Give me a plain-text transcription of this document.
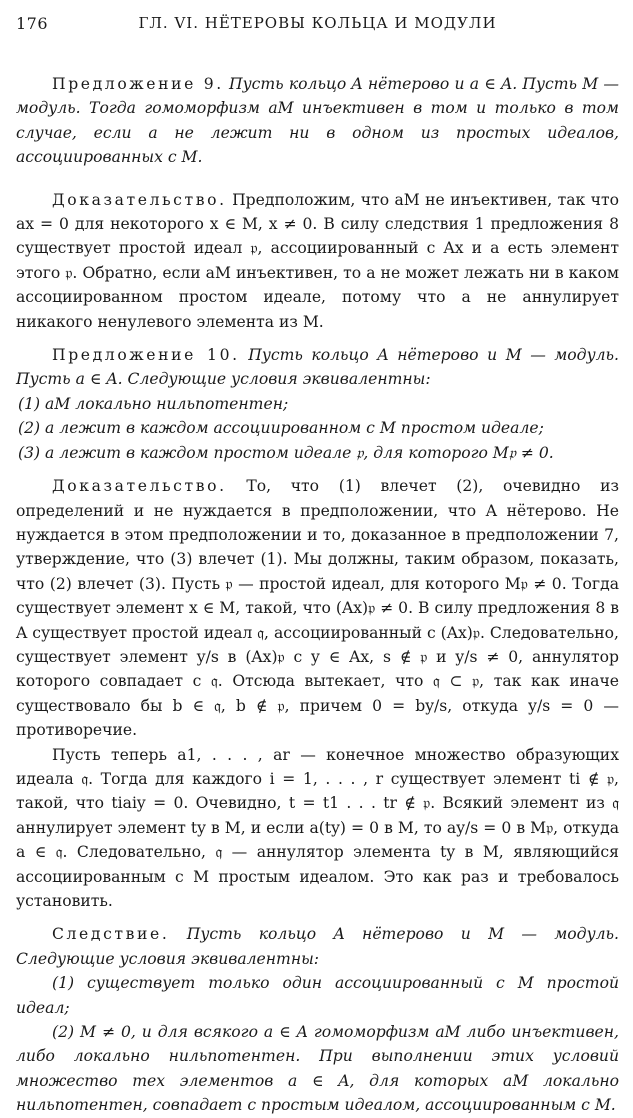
176	ГЛ. VI. НЁТЕРОВЫ КОЛЬЦА И МОДУЛИ

Предложение 9. Пусть кольцо A нётерово и a ∈ A. Пусть M — модуль. Тогда гомоморфизм aM инъективен в том и только в том случае, если a не лежит ни в одном из простых идеалов, ассоциированных с M.

Доказательство. Предположим, что aM не инъективен, так что ax = 0 для некоторого x ∈ M, x ≠ 0. В силу следствия 1 предложения 8 существует простой идеал 𝔭, ассоциированный с Ax и a есть элемент этого 𝔭. Обратно, если aM инъективен, то a не может лежать ни в каком ассоциированном простом идеале, потому что a не аннулирует никакого ненулевого элемента из M.

Предложение 10. Пусть кольцо A нётерово и M — модуль. Пусть a ∈ A. Следующие условия эквивалентны:

(1) aM локально нильпотентен;

(2) a лежит в каждом ассоциированном с M простом идеале;

(3) a лежит в каждом простом идеале 𝔭, для которого M𝔭 ≠ 0.

Доказательство. То, что (1) влечет (2), очевидно из определений и не нуждается в предположении, что A нётерово. Не нуждается в этом предположении и то, доказанное в предположении 7, утверждение, что (3) влечет (1). Мы должны, таким образом, показать, что (2) влечет (3). Пусть 𝔭 — простой идеал, для которого M𝔭 ≠ 0. Тогда существует элемент x ∈ M, такой, что (Ax)𝔭 ≠ 0. В силу предложения 8 в A существует простой идеал 𝔮, ассоциированный с (Ax)𝔭. Следовательно, существует элемент y/s в (Ax)𝔭 с y ∈ Ax, s ∉ 𝔭 и y/s ≠ 0, аннулятор которого совпадает с 𝔮. Отсюда вытекает, что 𝔮 ⊂ 𝔭, так как иначе существовало бы b ∈ 𝔮, b ∉ 𝔭, причем 0 = by/s, откуда y/s = 0 — противоречие.

Пусть теперь a1, . . . , ar — конечное множество образующих идеала 𝔮. Тогда для каждого i = 1, . . . , r существует элемент ti ∉ 𝔭, такой, что tiaiy = 0. Очевидно, t = t1 . . . tr ∉ 𝔭. Всякий элемент из 𝔮 аннулирует элемент ty в M, и если a(ty) = 0 в M, то ay/s = 0 в M𝔭, откуда a ∈ 𝔮. Следовательно, 𝔮 — аннулятор элемента ty в M, являющийся ассоциированным с M простым идеалом. Это как раз и требовалось установить.

Следствие. Пусть кольцо A нётерово и M — модуль. Следующие условия эквивалентны:

(1) существует только один ассоциированный с M простой идеал;

(2) M ≠ 0, и для всякого a ∈ A гомоморфизм aM либо инъективен, либо локально нильпотентен. При выполнении этих условий множество тех элементов a ∈ A, для которых aM локально нильпотентен, совпадает с простым идеалом, ассоциированным с M.
